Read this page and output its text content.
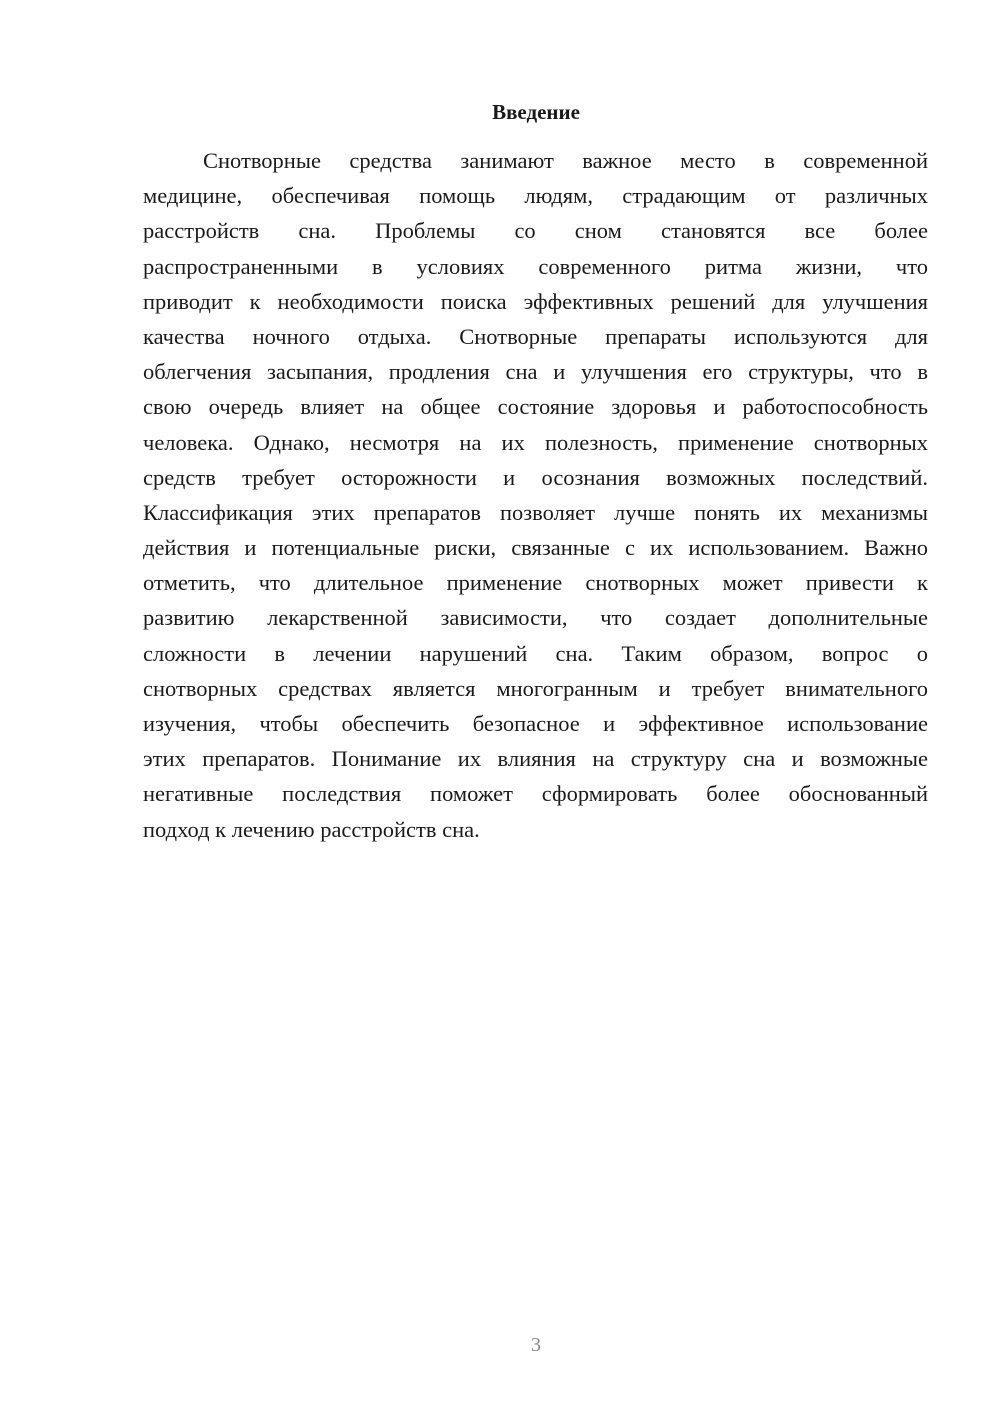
Введение
Снотворные средства занимают важное место в современной
медицине, обеспечивая помощь людям, страдающим от различных
расстройств сна. Проблемы со сном становятся все более
распространенными в условиях современного ритма жизни, что
приводит к необходимости поиска эффективных решений для улучшения
качества ночного отдыха. Снотворные препараты используются для
облегчения засыпания, продления сна и улучшения его структуры, что в
свою очередь влияет на общее состояние здоровья и работоспособность
человека. Однако, несмотря на их полезность, применение снотворных
средств требует осторожности и осознания возможных последствий.
Классификация этих препаратов позволяет лучше понять их механизмы
действия и потенциальные риски, связанные с их использованием. Важно
отметить, что длительное применение снотворных может привести к
развитию лекарственной зависимости, что создает дополнительные
сложности в лечении нарушений сна. Таким образом, вопрос о
снотворных средствах является многогранным и требует внимательного
изучения, чтобы обеспечить безопасное и эффективное использование
этих препаратов. Понимание их влияния на структуру сна и возможные
негативные последствия поможет сформировать более обоснованный
подход к лечению расстройств сна.
3
